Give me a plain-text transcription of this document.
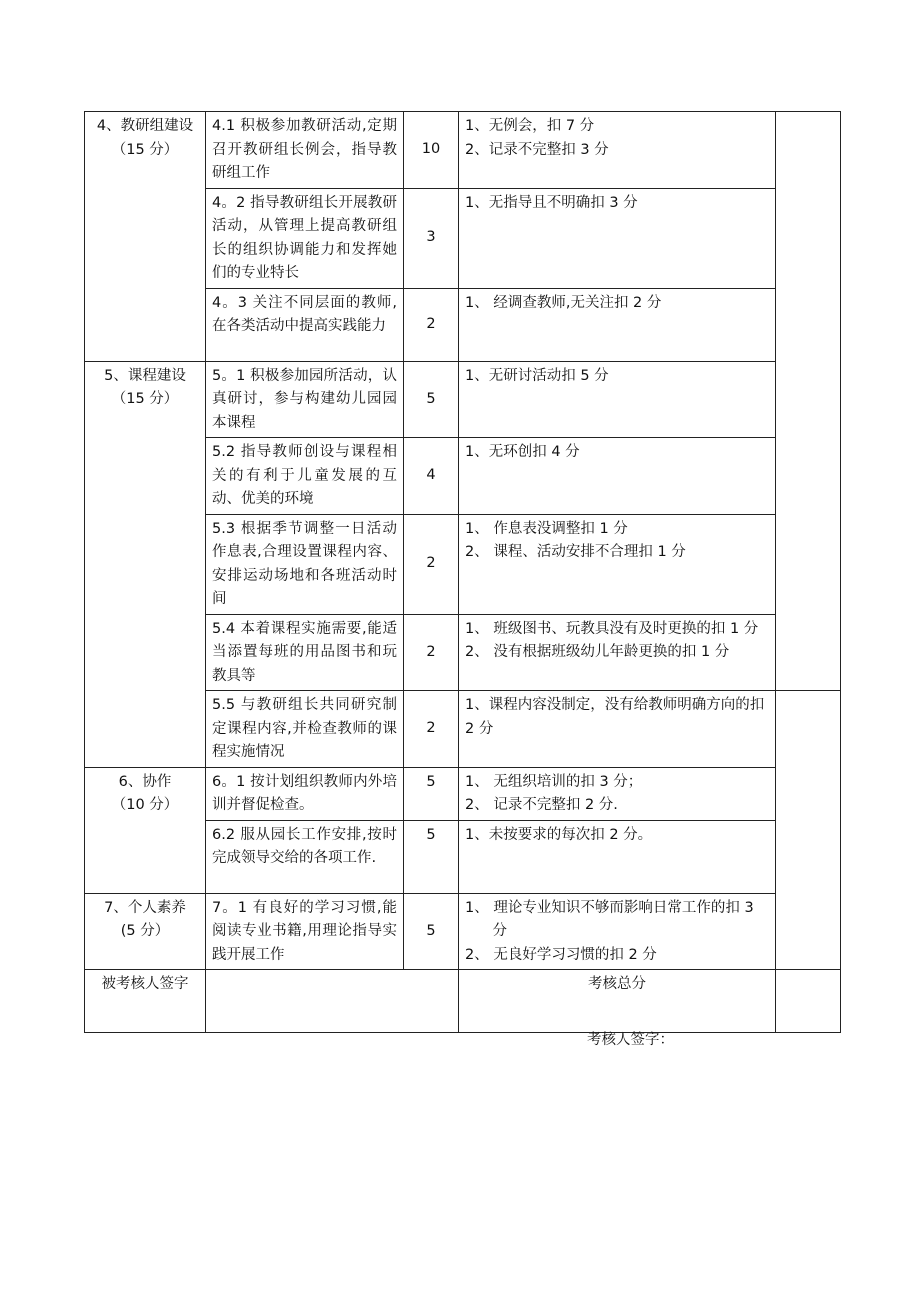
4、教研组建设
（15 分）	4.1 积极参加教研活动,定期召开教研组长例会，指导教研组工作	10	1、无例会，扣 7 分
2、记录不完整扣 3 分	

	4。2 指导教研组长开展教研活动，从管理上提高教研组长的组织协调能力和发挥她们的专业特长	3	1、无指导且不明确扣 3 分	

	4。3 关注不同层面的教师,在各类活动中提高实践能力	2	1、 经调查教师,无关注扣 2 分	

5、课程建设
（15 分）	5。1 积极参加园所活动，认真研讨，参与构建幼儿园园本课程	5	1、无研讨活动扣 5 分	

	5.2 指导教师创设与课程相关的有利于儿童发展的互动、优美的环境	4	1、无环创扣 4 分	

	5.3 根据季节调整一日活动作息表,合理设置课程内容、安排运动场地和各班活动时间	2	1、 作息表没调整扣 1 分
2、 课程、活动安排不合理扣 1 分	

	5.4 本着课程实施需要,能适当添置每班的用品图书和玩教具等	2	1、 班级图书、玩教具没有及时更换的扣 1 分
2、 没有根据班级幼儿年龄更换的扣 1 分	

	5.5 与教研组长共同研究制定课程内容,并检查教师的课程实施情况	2	1、课程内容没制定，没有给教师明确方向的扣 2 分	

6、协作
（10 分）	6。1 按计划组织教师内外培训并督促检查。	5	1、 无组织培训的扣 3 分；
2、 记录不完整扣 2 分.	

	6.2 服从园长工作安排,按时完成领导交给的各项工作.	5	1、未按要求的每次扣 2 分。	

7、个人素养
(5 分）	7。1 有良好的学习习惯,能阅读专业书籍,用理论指导实践开展工作	5	1、 理论专业知识不够而影响日常工作的扣 3 分
2、 无良好学习习惯的扣 2 分	

被考核人签字			考核总分	
考核人签字：
